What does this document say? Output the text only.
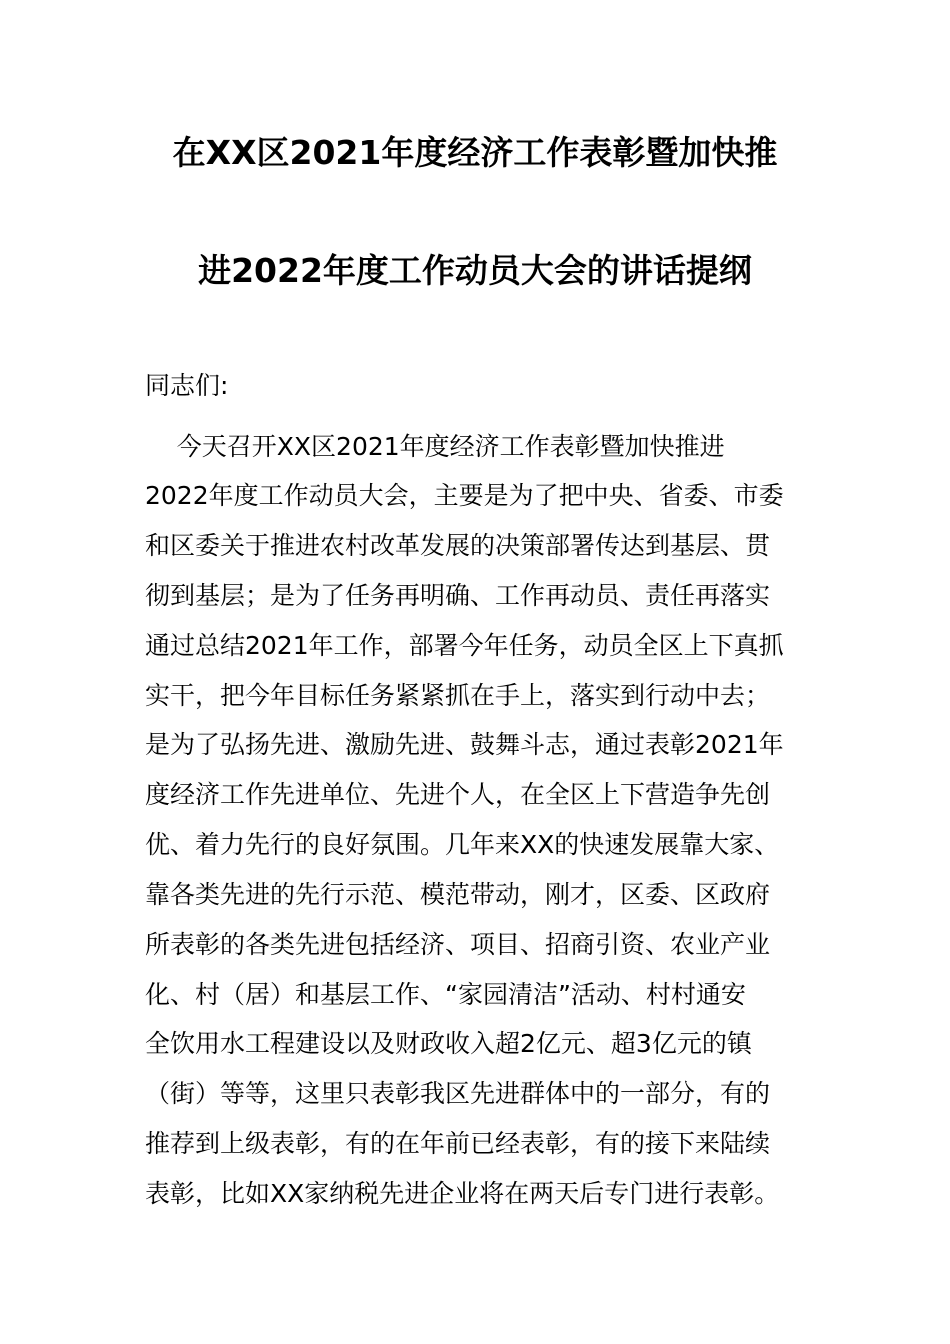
在XX区2021年度经济工作表彰暨加快推
进2022年度工作动员大会的讲话提纲
同志们:
今天召开XX区2021年度经济工作表彰暨加快推进
2022年度工作动员大会，主要是为了把中央、省委、市委
和区委关于推进农村改革发展的决策部署传达到基层、贯
彻到基层；是为了任务再明确、工作再动员、责任再落实
通过总结2021年工作，部署今年任务，动员全区上下真抓
实干，把今年目标任务紧紧抓在手上，落实到行动中去；
是为了弘扬先进、激励先进、鼓舞斗志，通过表彰2021年
度经济工作先进单位、先进个人，在全区上下营造争先创
优、着力先行的良好氛围。几年来XX的快速发展靠大家、
靠各类先进的先行示范、模范带动，刚才，区委、区政府
所表彰的各类先进包括经济、项目、招商引资、农业产业
化、村（居）和基层工作、“家园清洁”活动、村村通安
全饮用水工程建设以及财政收入超2亿元、超3亿元的镇
（街）等等，这里只表彰我区先进群体中的一部分，有的
推荐到上级表彰，有的在年前已经表彰，有的接下来陆续
表彰，比如XX家纳税先进企业将在两天后专门进行表彰。
